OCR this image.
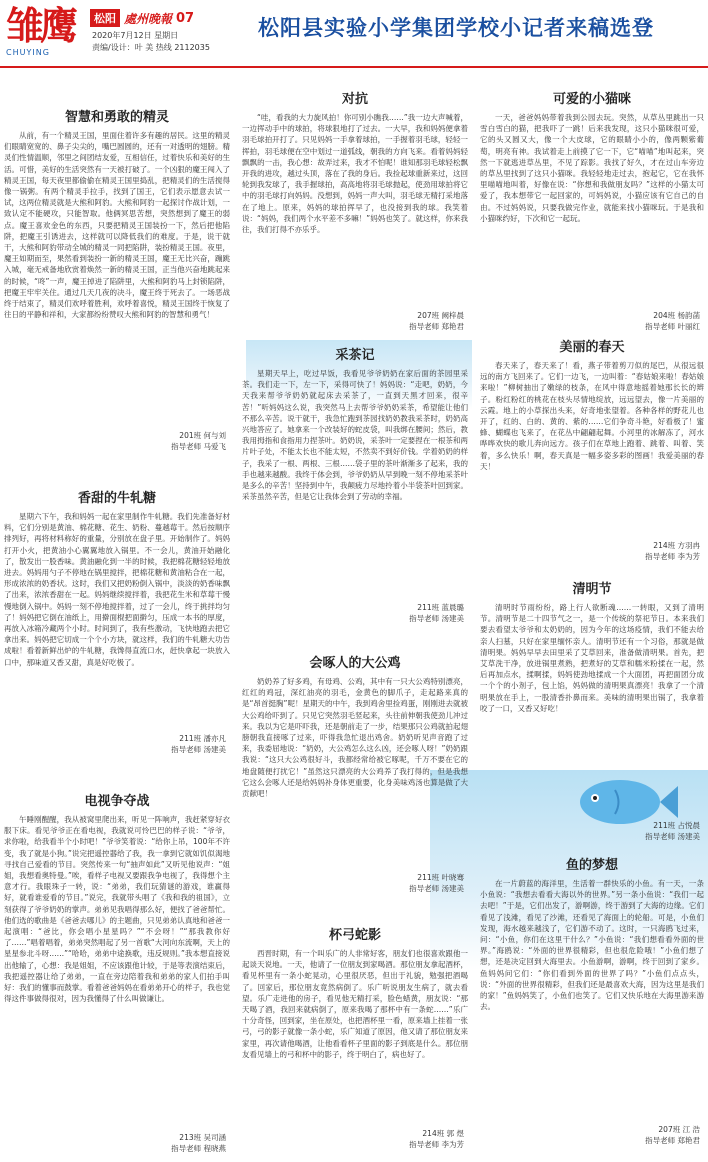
雏鹰
CHUYING
松阳 處州晚報 07
2020年7月12日 星期日
责编/设计：叶 美 热线 2112035
松阳县实验小学集团学校小记者来稿选登
智慧和勇敢的精灵

从前，有一个精灵王国，里面住着许多有趣的居民。这里的精灵们眼睛宽宽的、鼻子尖尖的，嘴巴圆圆的，还有一对透明的翅膀。精灵们性情温顺，邻里之间团结友爱，互相信任，过着快乐和美好的生活。可惜，美好的生活突然有一天被打破了。一个凶狠的魔王闯入了精灵王国，每天夜里都偷偷在精灵王国里捣乱，把精灵们的生活搅得像一锅粥。有两个精灵手拉手，找到了国王，它们表示愿意去试一试，这两位精灵就是大熊和阿豹。大熊和阿豹一起探讨作战计划，一致认定不能硬攻，只能智取。他俩冥思苦想，突然想到了魔王的弱点。魔王喜欢金色的东西，只要把精灵王国装扮一下，然后把他陷阱，把魔王引诱进去，这样就可以降低我们的难度。于是，说干就干，大熊和阿豹带动全城的精灵一同把陷阱，装扮精灵王国。夜里，魔王如期而至，果然看到装扮一新的精灵王国，魔王无比兴奋，蹦跳入城，毫无戒备地欣赏着焕然一新的精灵王国，正当他兴奋地跳起来的时候，“咚”一声，魔王掉进了陷阱里，大熊和阿豹马上封锁陷阱，把魔王牢牢关住。通过几天几夜的决斗，魔王终于死去了。一场恶战终于结束了，精灵们欢呼着胜利，欢呼着喜悦，精灵王国终于恢复了往日的平静和祥和，大家都纷纷赞叹大熊和阿豹的智慧和勇气！

201班 何与刘
指导老师 马爱飞
香甜的牛轧糖

星期六下午，我和妈妈一起在家里制作牛轧糖。我们先准备好材料，它们分别是黄油、棉花糖、花生、奶粉、蔓越莓干。然后按顺序排列好，再将材料称好的重量，分别放在盘子里。开始制作了。妈妈打开小火，把黄油小心翼翼地放入锅里。不一会儿，黄油开始融化了，散发出一股香味。黄油融化到一半的时候，我把棉花糖轻轻地放进去。妈妈用勺子不停地在锅里搅拌，把棉花糖和黄油粘合在一起，形成浓浓的奶香状。这时，我们又把奶粉倒入锅中，淡淡的奶香味飘了出来，浓浓香甜在一起。妈妈继续搅拌着，我把花生米和草莓干慢慢地倒入锅中。妈妈一刻不停地搅拌着，过了一会儿，终于挑拌均匀了！妈妈把它倒在油纸上，用擀面棍把面擀匀，压成一本书的厚度，再放入冰箱冷藏两个小时。时间到了，我有些激动，飞快地跑去把它拿出来。妈妈把它切成一个个小方块，就这样，我们的牛轧糖大功告成啦！看着新鲜出炉的牛轧糖，我馋得直流口水，赶快拿起一块放入口中，那味道又香又甜，真是好吃极了。

211班 潘亦凡
指导老师 汤建美
电视争夺战

午睡刚醒醒，我从被窝里爬出来，听见一阵响声，我赶紧穿好衣服下床。看见爷爷正在看电视，我就说可怜巴巴的样子说：“爷爷，求你啦，给我看半个小时吧！”爷爷笑着说：“给你上吊，100年不许变，我了就是小狗。”说完把遥控器给了我，我一拿到它就如饥似渴地寻找自己爱看的节目。突然传来一句“抽声如此”又听见他说声：“姐姐，我想看奥特曼。”唉，看样子电视又要跟我争电视了，我得想个主意才行。我眼珠子一转，说：“弟弟，我们玩猜谜的游戏，谁赢得好，就看谁爱看的节目。”说完，我就带头唱了《我和我的祖国》，立刻获得了爷爷奶奶的掌声。弟弟见我唱得那么好，便找了爸爸帮忙。他们选的歌曲是《爸爸去哪儿》的主题曲，只见弟弟认真地和爸爸一起演唱：“爸比，你会唱小星星吗？”“不会呀！”“那我教你好了……”唱着唱着，弟弟突然唱起了另一首歌“大河向东流啊，天上的星星参北斗呀……”“哈哈，弟弟中途换歌，违反规则。”我本想直接说出他输了，心想：我是姐姐，不应该跟他计较，于是等表演结束后，我把遥控器让给了弟弟，一直在旁边陪着我和弟弟的家人们拍手叫好：我们的懂事而鼓掌。看着爸爸妈妈在看弟弟开心的样子，我也觉得这件事做得很对，因为我懂得了什么叫做谦让。

213班 吴司涵
指导老师 程晓燕
对抗

“哇，看我的大力旋风拍！你可别小瞧我……”我一边大声喊着，一边挥动手中的球拍，将球狠地打了过去。一大早，我和妈妈便拿着羽毛球拍开打了。只见妈妈一手拿着球拍，一手握着羽毛球，轻轻一挥拍，羽毛球便在空中划过一道弧线，朝我的方向飞来。看着妈妈轻飘飘的一击，我心想：故弄过来，我才不怕呢！谁知那羽毛球轻松飘开我的进攻，越过头顶，落在了我的身后。我捡起球重新来过，这回轮到我发球了，我手握球拍，高高地将羽毛球抛起，使劲用球拍将它中的羽毛球打向妈妈。没想到，妈妈一声大叫，羽毛球无精打采地落在了地上。原来，妈妈的球拍挥早了，也没接到我的球。我笑着说：“妈妈，我们两个水平差不多嘛！”妈妈也笑了。就这样，你来我往，我们打得不亦乐乎。

207班 阙梓晨
指导老师 郑艳君
采茶记

星期天早上，吃过早饭，我看见爷爷奶奶在家后面的茶园里采茶。我们走一下，左一下，采得可快了！妈妈说：“走吧，奶奶，今天我来帮爷爷奶奶就起床去采茶了，一直到天黑才回来，很辛苦！”听妈妈这么说，我突然马上去帮爷爷奶奶采茶，希望能让他们不那么辛苦。说干就干，我急忙跑到茶园找奶奶教我采茶时，奶奶高兴地答应了。她拿来一个改装好的蛇皮袋，叫我绑在腰间；然后，教我用拇指和食指用力捏茶叶。奶奶说，采茶叶一定要捏在一根茶和两片叶子处，不能太长也不能太短，不然卖不到好价钱。学着奶奶的样子，我采了一根、两根、三根……袋子里的茶叶渐渐多了起来，我的手也越来越酸。我终于体会到，爷爷奶奶从早到晚一刻不停地采茶叶是多么的辛苦！坚持到中午，我颠疲力尽地拎着小半袋茶叶回到家。采茶虽然辛苦，但是它让我体会到了劳动的幸福。

211班 蓝晨璐
指导老师 汤建美
会啄人的大公鸡

奶奶养了好多鸡，有母鸡、公鸡，其中有一只大公鸡特别漂亮，红红的鸡冠，深红油亮的羽毛，金黄色的脚爪子，走起路来真的是“昂首挺胸”呢！星期天的中午，我到鸡舍里捡鸡蛋，刚刚进去就被大公鸡给吓到了。只见它突然羽毛竖起来，头往前伸朝我使劲儿冲过来。我以为它是吓吓我，还是朝前走了一步，结果那只公鸡就拍起翅膀朝我直接啄了过来，吓得我急忙退出鸡舍。奶奶听见声音跑了过来，我委屈地说：“奶奶，大公鸡怎么这么凶，还会啄人呀！”奶奶跟我说：“这只大公鸡很好斗，我都经常给被它啄呢，千万不要在它的地盘随便打扰它！”虽然这只漂亮的大公鸡养了我打得的，但是我想它这么会啄人还是给妈妈补身体更重要，化身美味鸡汤也算是做了大贡献吧！

211班 叶晓骞
指导老师 汤建美
杯弓蛇影

西晋时期，有一个叫乐广的人非常好客，朋友们也很喜欢跟他一起谈天说地。一天，他请了一位朋友到家喝酒。那位朋友拿起酒杯，看见杯里有一条小蛇晃动，心里很厌恶，但出于礼貌，勉强把酒喝了。回家后，那位朋友竟然病倒了。乐广听说朋友生病了，就去看望。乐广走进他的房子，看见他无精打采，脸色蜡黄，朋友说：“那天喝了酒，我回来就病倒了，原来我喝了那杯中有一条蛇……”乐广十分奇怪，回到家，坐在原处，也把酒杯里一看，原来墙上挂着一张弓，弓的影子就像一条小蛇，乐广知道了原因，他又请了那位朋友来家里，再次请他喝酒，让他看看杯子里面的影子到底是什么。那位朋友看见墙上的弓和杯中的影子，终于明白了，病也好了。

214班 郭 煜
指导老师 李为芳
可爱的小猫咪

一天，爸爸妈妈带着我到公园去玩。突然，从草丛里跳出一只雪白雪白的猫，把我吓了一跳！后来我发现，这只小猫咪很可爱，它的头又圆又大，像一个大皮球，它的眼睛小小的，像两颗紫葡萄，明亮有神。我试着走上前摸了它一下，它“喵喵”地叫起来，突然一下就逃进草丛里，不见了踪影。我找了好久，才在过山车旁边的草丛里找到了这只小猫咪。我轻轻地走过去，抱起它，它在我怀里喵喵地叫着，好像在说：“你想和我做朋友吗？”这样的小猫太可爱了，我本想带它一起回家的，可妈妈说，小猫应该有它自己的自由。不过妈妈说，只要我做完作业，就能来找小猫咪玩。于是我和小猫咪约好，下次和它一起玩。

204班 杨韵菡
指导老师 叶丽红
美丽的春天

春天来了，春天来了！看，燕子带着剪刀似的尾巴，从很远很远的南方飞回来了。它们一边飞，一边叫着：“春姑娘来啦！春姑娘来啦！”柳树抽出了嫩绿的枝条，在风中得意地摇着她那长长的辫子。粉红粉红的桃花在枝头尽情地绽放，远远望去，像一片美丽的云霞。地上的小草探出头来，好奇地张望着。各种各样的野花儿也开了，红的、白的、黄的、紫的……它们争奇斗艳，好看极了！蜜蜂、蝴蝶也飞来了，在花丛中翩翩起舞。小河里的冰解冻了，河水哗哗欢快的歌儿奔向远方。孩子们在草地上跑着、跳着、叫着、笑着，多么快乐！啊，春天真是一幅多姿多彩的图画！我爱美丽的春天！

214班 方羽冉
指导老师 李为芳
清明节

清明时节雨纷纷，路上行人欲断魂……一转眼，又到了清明节。清明节是二十四节气之一，是一个传统的祭祀节日。本来我们要去看望太爷爷和太奶奶的，因为今年的这场疫情，我们不能去给亲人扫墓，只好在家里缅怀亲人。清明节还有一个习俗，那就是做清明果。妈妈早早去田里采了艾草回来，准备做清明果。首先，把艾草洗干净，放进锅里煮熟，把煮好的艾草和糯米粉揉在一起，然后再加点水，揉啊揉，妈妈使劲地揉成一个大面团，再把面团分成一个个的小剂子，包上馅，妈妈做的清明果真漂亮！我拿了一个清明果放在手上，一股清香扑鼻而来。美味的清明果出锅了，我拿着咬了一口，又香又好吃！

211班 占悦晨
指导老师 汤建美
鱼的梦想

在一片蔚蓝的海洋里，生活着一群快乐的小鱼。有一天，一条小鱼说：“我想去看看大海以外的世界。”另一条小鱼说：“我们一起去吧！”于是，它们出发了，游啊游，终于游到了大海的边缘。它们看见了浅滩，看见了沙滩，还看见了海面上的轮船。可是，小鱼们发现，海水越来越浅了，它们游不动了。这时，一只海鸥飞过来，问：“小鱼，你们在这里干什么？”小鱼说：“我们想看看外面的世界。”海鸥说：“外面的世界很精彩，但也很危险哦！”小鱼们想了想，还是决定回到大海里去。小鱼游啊，游啊，终于回到了家乡。鱼妈妈问它们：“你们看到外面的世界了吗？”小鱼们点点头，说：“外面的世界很精彩，但我们还是最喜欢大海，因为这里是我们的家！”鱼妈妈笑了，小鱼们也笑了。它们又快乐地在大海里游来游去。

207班 江 浩
指导老师 郑艳君
